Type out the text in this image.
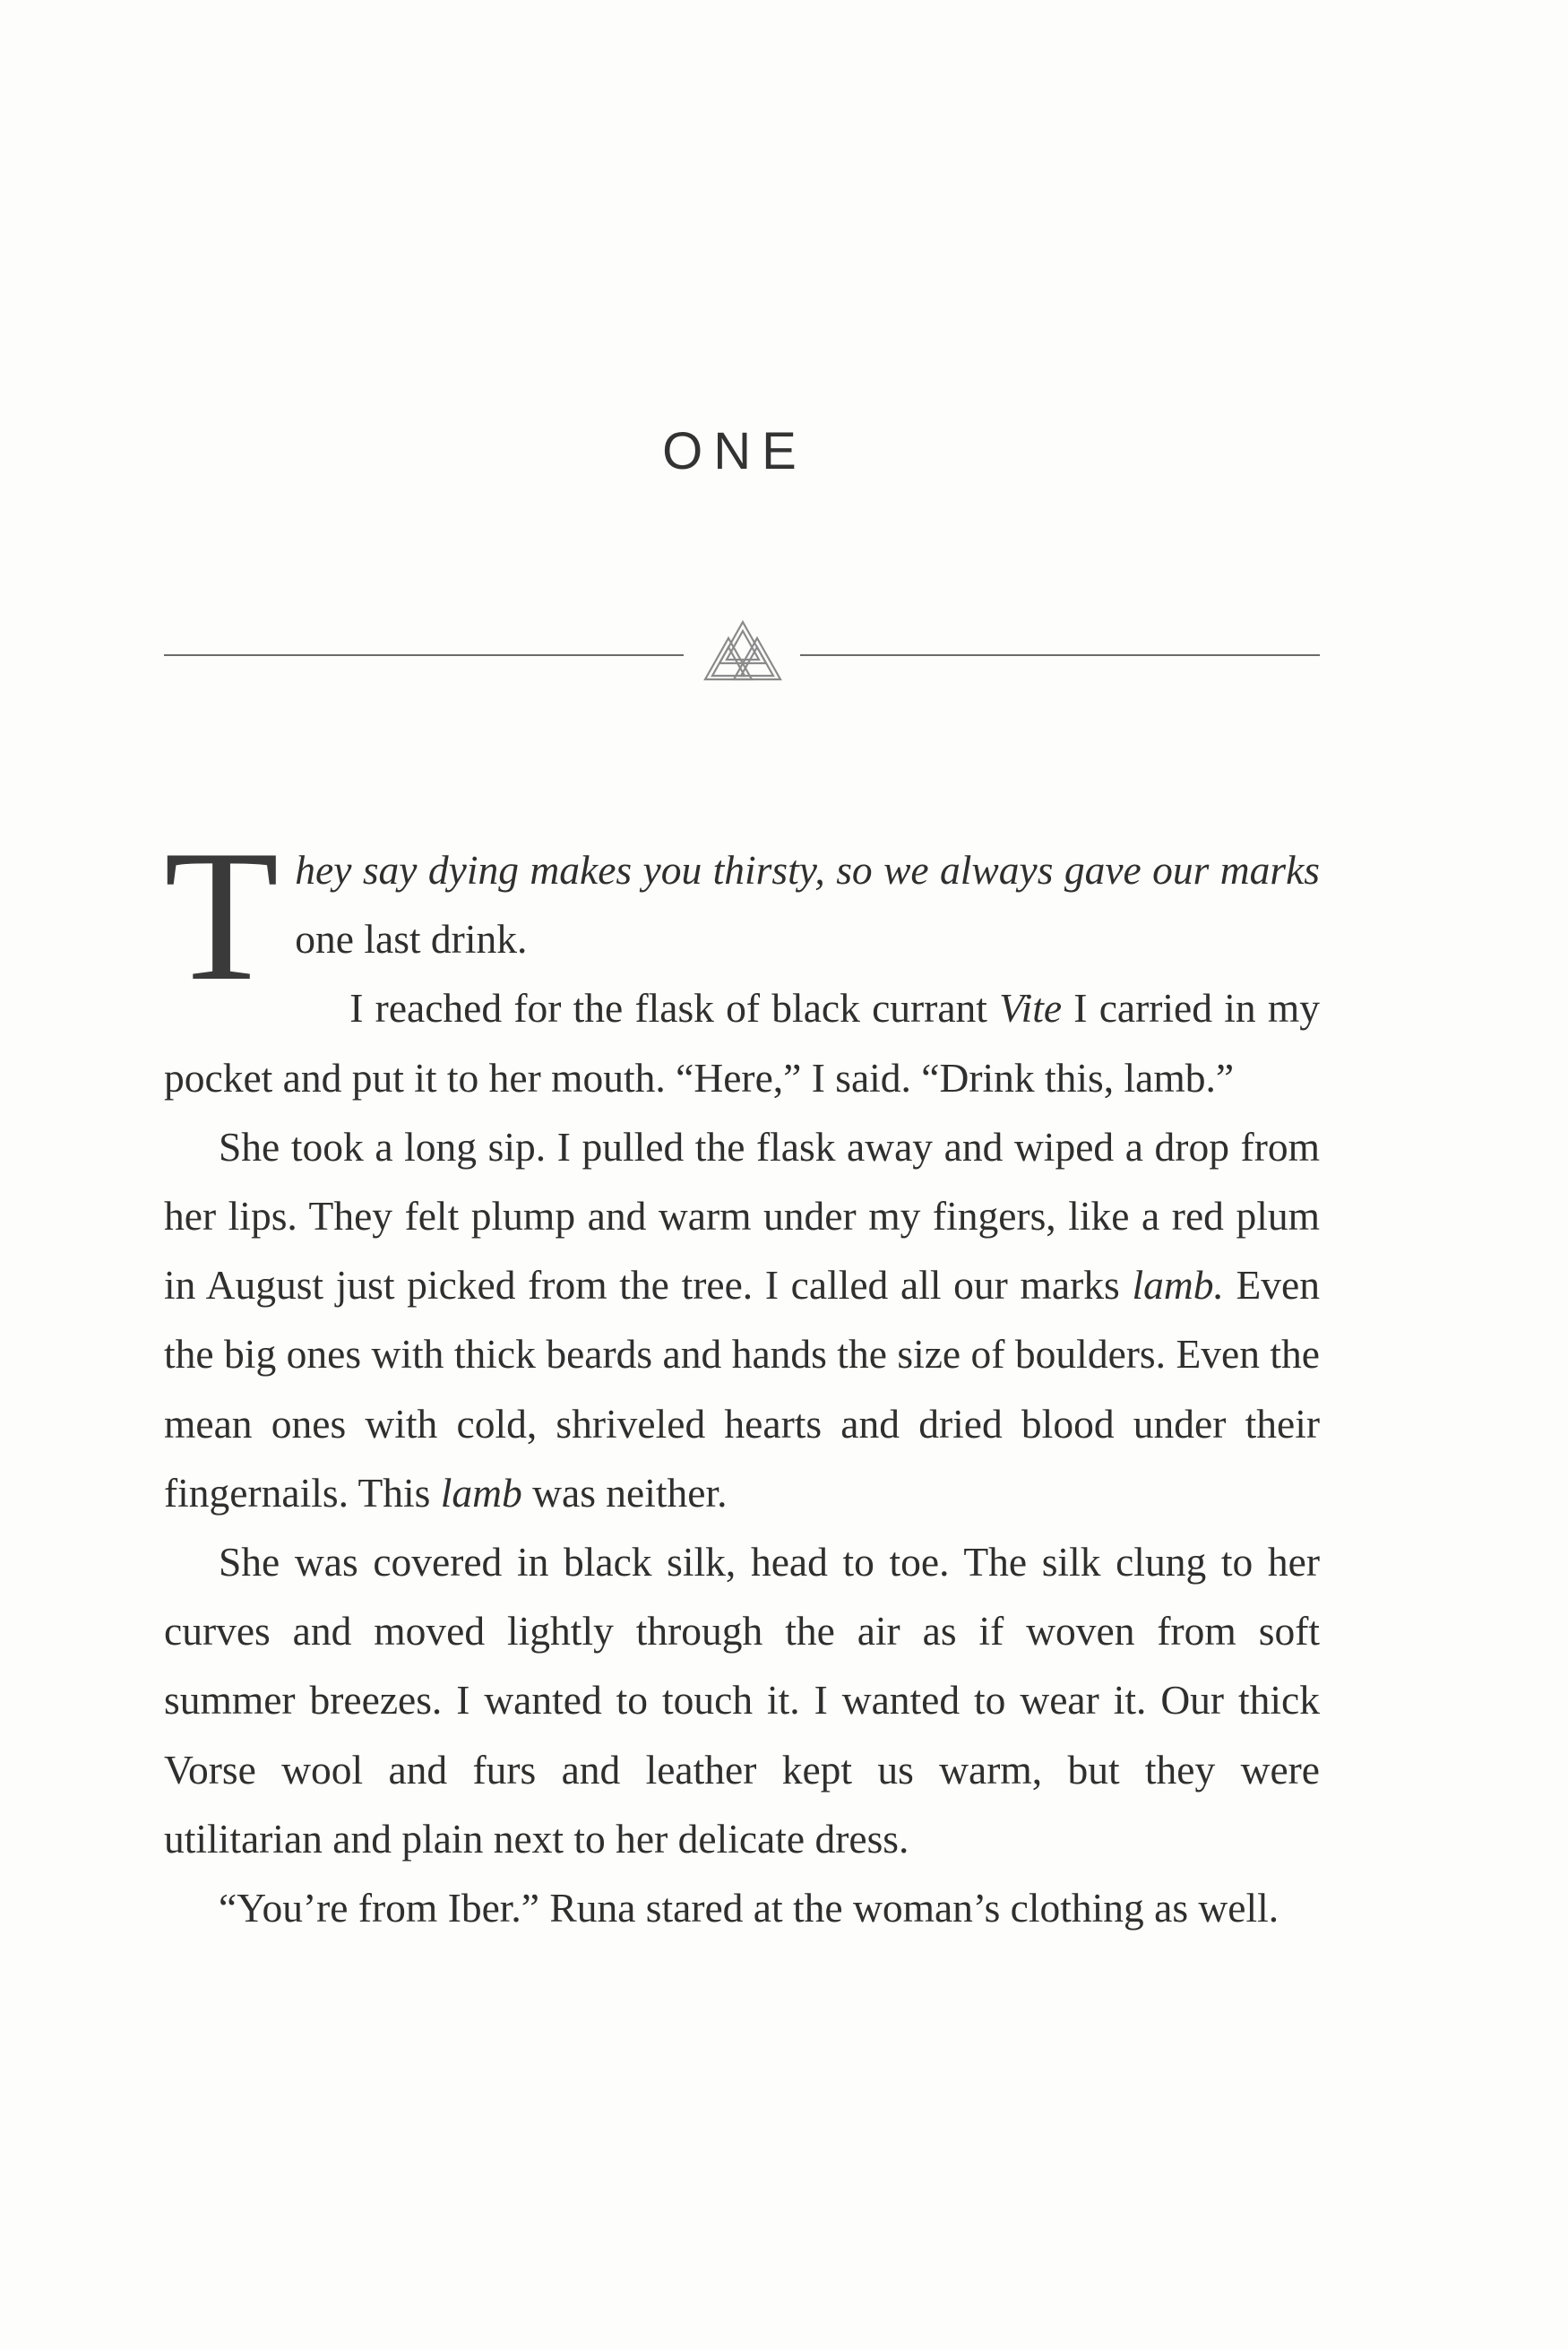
ONE

They say dying makes you thirsty, so we always gave our marks one last drink.

I reached for the flask of black currant Vite I carried in my pocket and put it to her mouth. “Here,” I said. “Drink this, lamb.”

She took a long sip. I pulled the flask away and wiped a drop from her lips. They felt plump and warm under my fingers, like a red plum in August just picked from the tree. I called all our marks lamb. Even the big ones with thick beards and hands the size of boulders. Even the mean ones with cold, shriveled hearts and dried blood under their fingernails. This lamb was neither.

She was covered in black silk, head to toe. The silk clung to her curves and moved lightly through the air as if woven from soft summer breezes. I wanted to touch it. I wanted to wear it. Our thick Vorse wool and furs and leather kept us warm, but they were utilitarian and plain next to her delicate dress.

“You’re from Iber.” Runa stared at the woman’s clothing as well.
